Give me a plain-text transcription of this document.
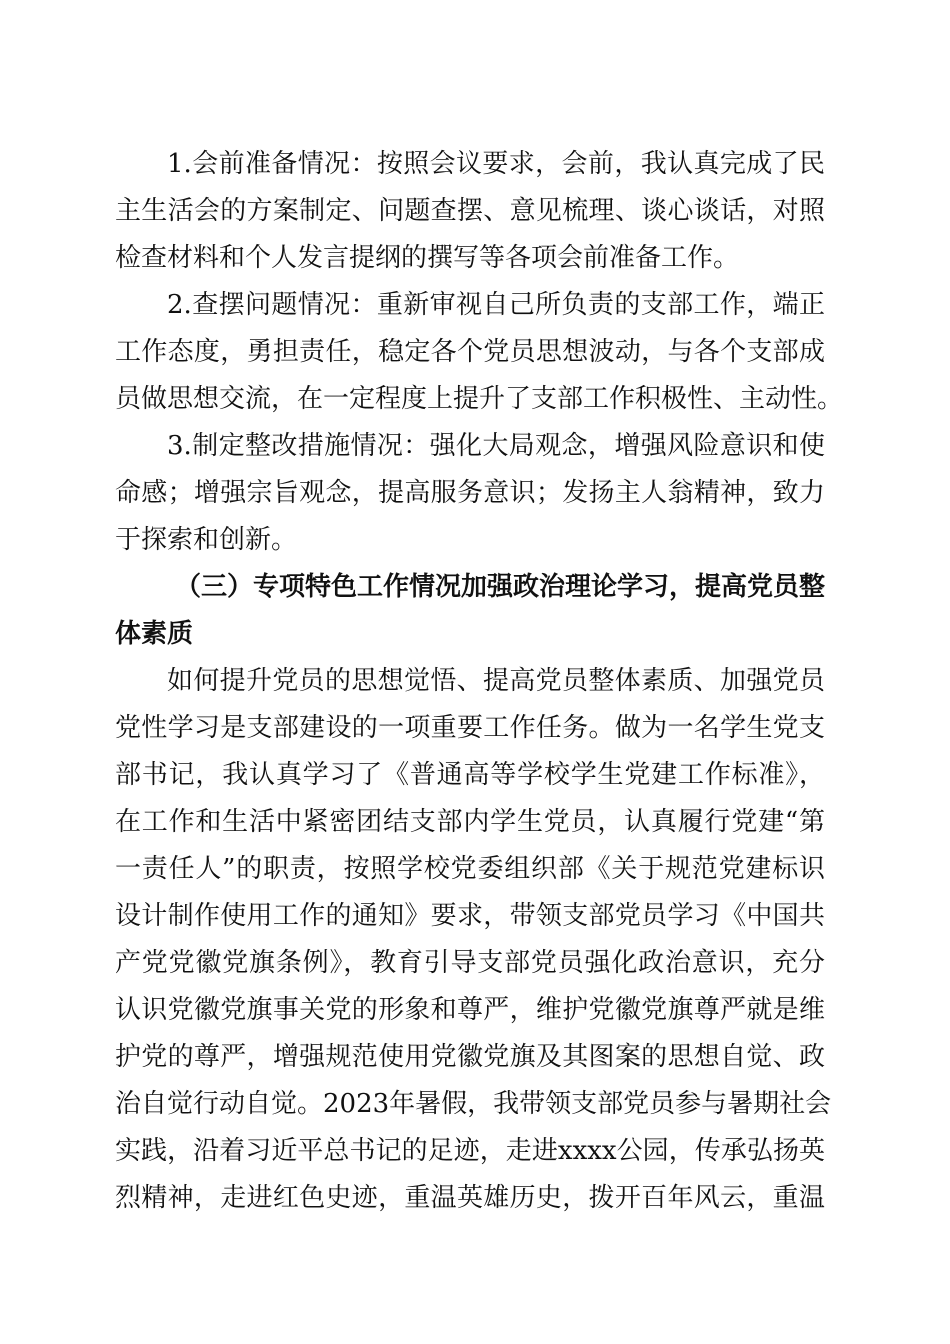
1.会前准备情况：按照会议要求，会前，我认真完成了民
主生活会的方案制定、问题查摆、意见梳理、谈心谈话，对照
检查材料和个人发言提纲的撰写等各项会前准备工作。
2.查摆问题情况：重新审视自己所负责的支部工作，端正
工作态度，勇担责任，稳定各个党员思想波动，与各个支部成
员做思想交流，在一定程度上提升了支部工作积极性、主动性。
3.制定整改措施情况：强化大局观念，增强风险意识和使
命感；增强宗旨观念，提高服务意识；发扬主人翁精神，致力
于探索和创新。
（三）专项特色工作情况加强政治理论学习，提高党员整
体素质
如何提升党员的思想觉悟、提高党员整体素质、加强党员
党性学习是支部建设的一项重要工作任务。做为一名学生党支
部书记，我认真学习了《普通高等学校学生党建工作标准》，
在工作和生活中紧密团结支部内学生党员，认真履行党建“第
一责任人”的职责，按照学校党委组织部《关于规范党建标识
设计制作使用工作的通知》要求，带领支部党员学习《中国共
产党党徽党旗条例》，教育引导支部党员强化政治意识，充分
认识党徽党旗事关党的形象和尊严，维护党徽党旗尊严就是维
护党的尊严，增强规范使用党徽党旗及其图案的思想自觉、政
治自觉行动自觉。2023年暑假，我带领支部党员参与暑期社会
实践，沿着习近平总书记的足迹，走进xxxx公园，传承弘扬英
烈精神，走进红色史迹，重温英雄历史，拨开百年风云，重温
